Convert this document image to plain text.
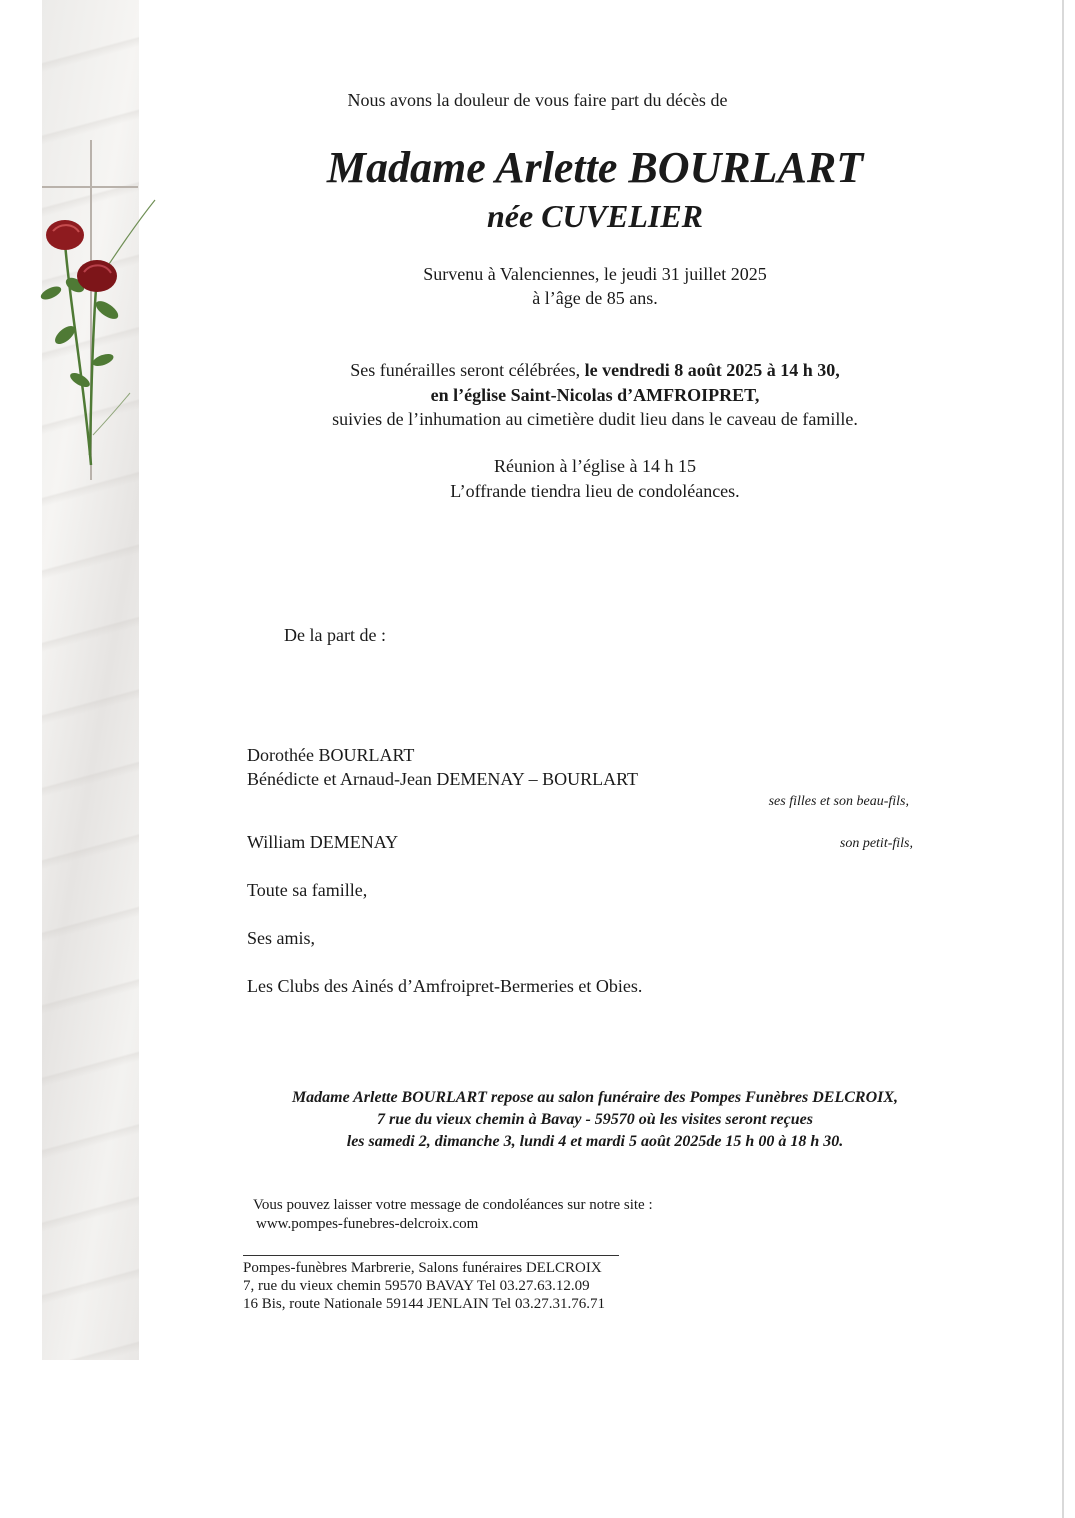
Nous avons la douleur de vous faire part du décès de
Madame Arlette BOURLART
née CUVELIER
Survenu à Valenciennes, le jeudi 31 juillet 2025
à l’âge de 85 ans.
Ses funérailles seront célébrées, le vendredi 8 août 2025 à 14 h 30,
en l’église Saint-Nicolas d’AMFROIPRET,
suivies de l’inhumation au cimetière dudit lieu dans le caveau de famille.
Réunion à l’église à 14 h 15
L’offrande tiendra lieu de condoléances.
De la part de :
Dorothée BOURLART
Bénédicte et Arnaud-Jean DEMENAY – BOURLART
ses filles et son beau-fils,
William DEMENAY	son petit-fils,
Toute sa famille,
Ses amis,
Les Clubs des Ainés d’Amfroipret-Bermeries et Obies.
Madame Arlette BOURLART repose au salon funéraire des Pompes Funèbres DELCROIX,
7 rue du vieux chemin à Bavay - 59570 où les visites seront reçues
les samedi 2, dimanche 3, lundi 4 et mardi 5 août 2025de 15 h 00 à 18 h 30.
Vous pouvez laisser votre message de condoléances sur notre site :
www.pompes-funebres-delcroix.com
Pompes-funèbres Marbrerie, Salons funéraires DELCROIX
7, rue du vieux chemin 59570 BAVAY Tel 03.27.63.12.09
16 Bis, route Nationale 59144 JENLAIN Tel 03.27.31.76.71
